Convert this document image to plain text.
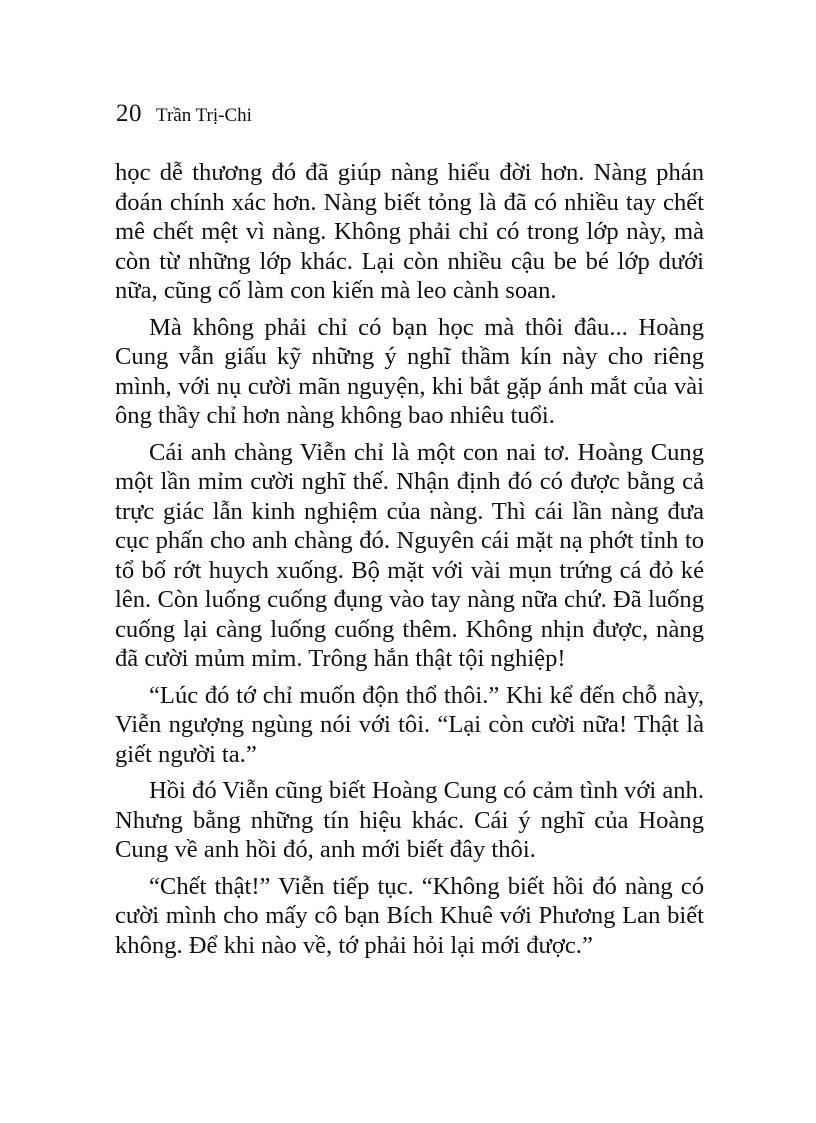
20 Trần Trị-Chi

học dễ thương đó đã giúp nàng hiểu đời hơn. Nàng phán đoán chính xác hơn. Nàng biết tỏng là đã có nhiều tay chết mê chết mệt vì nàng. Không phải chỉ có trong lớp này, mà còn từ những lớp khác. Lại còn nhiều cậu be bé lớp dưới nữa, cũng cố làm con kiến mà leo cành soan.

Mà không phải chỉ có bạn học mà thôi đâu... Hoàng Cung vẫn giấu kỹ những ý nghĩ thầm kín này cho riêng mình, với nụ cười mãn nguyện, khi bắt gặp ánh mắt của vài ông thầy chỉ hơn nàng không bao nhiêu tuổi.

Cái anh chàng Viễn chỉ là một con nai tơ. Hoàng Cung một lần mỉm cười nghĩ thế. Nhận định đó có được bằng cả trực giác lẫn kinh nghiệm của nàng. Thì cái lần nàng đưa cục phấn cho anh chàng đó. Nguyên cái mặt nạ phớt tỉnh to tổ bố rớt huych xuống. Bộ mặt với vài mụn trứng cá đỏ ké lên. Còn luống cuống đụng vào tay nàng nữa chứ. Đã luống cuống lại càng luống cuống thêm. Không nhịn được, nàng đã cười mủm mỉm. Trông hắn thật tội nghiệp!

“Lúc đó tớ chỉ muốn độn thổ thôi.” Khi kể đến chỗ này, Viễn ngượng ngùng nói với tôi. “Lại còn cười nữa! Thật là giết người ta.”

Hồi đó Viễn cũng biết Hoàng Cung có cảm tình với anh. Nhưng bằng những tín hiệu khác. Cái ý nghĩ của Hoàng Cung về anh hồi đó, anh mới biết đây thôi.

“Chết thật!” Viễn tiếp tục. “Không biết hồi đó nàng có cười mình cho mấy cô bạn Bích Khuê với Phương Lan biết không. Để khi nào về, tớ phải hỏi lại mới được.”
